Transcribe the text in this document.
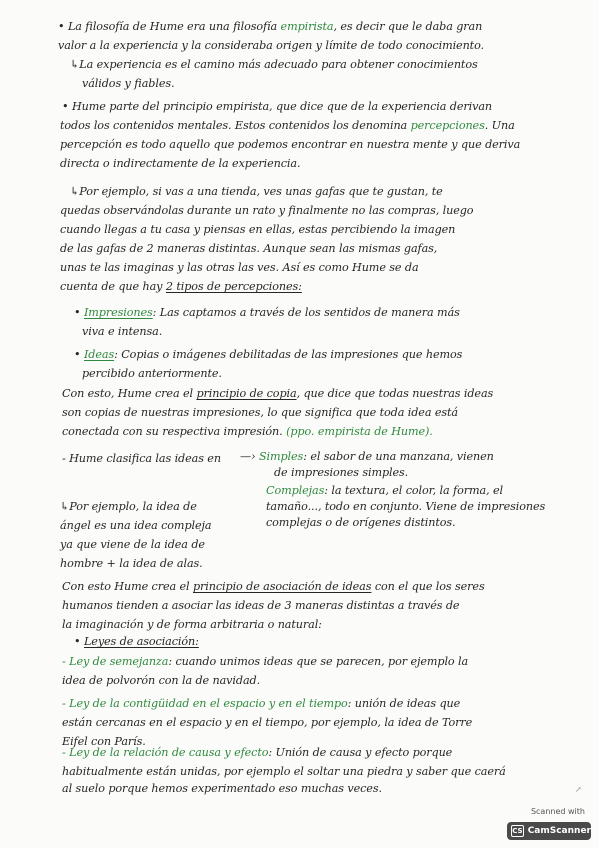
• La filosofía de Hume era una filosofía empirista, es decir que le daba gran
valor a la experiencia y la consideraba origen y límite de todo conocimiento.
↳La experiencia es el camino más adecuado para obtener conocimientos
válidos y fiables.
• Hume parte del principio empirista, que dice que de la experiencia derivan
todos los contenidos mentales. Estos contenidos los denomina percepciones. Una
percepción es todo aquello que podemos encontrar en nuestra mente y que deriva
directa o indirectamente de la experiencia.
↳Por ejemplo, si vas a una tienda, ves unas gafas que te gustan, te
quedas observándolas durante un rato y finalmente no las compras, luego
cuando llegas a tu casa y piensas en ellas, estas percibiendo la imagen
de las gafas de 2 maneras distintas. Aunque sean las mismas gafas,
unas te las imaginas y las otras las ves. Así es como Hume se da
cuenta de que hay 2 tipos de percepciones:
• Impresiones: Las captamos a través de los sentidos de manera más
viva e intensa.
• Ideas: Copias o imágenes debilitadas de las impresiones que hemos
percibido anteriormente.
Con esto, Hume crea el principio de copia, que dice que todas nuestras ideas
son copias de nuestras impresiones, lo que significa que toda idea está
conectada con su respectiva impresión. (ppo. empirista de Hume).
- Hume clasifica las ideas en —› Simples: el sabor de una manzana, vienen
de impresiones simples.
Complejas: la textura, el color, la forma, el
tamaño..., todo en conjunto. Viene de impresiones
complejas o de orígenes distintos.
↳Por ejemplo, la idea de
ángel es una idea compleja
ya que viene de la idea de
hombre + la idea de alas.
Con esto Hume crea el principio de asociación de ideas con el que los seres
humanos tienden a asociar las ideas de 3 maneras distintas a través de
la imaginación y de forma arbitraria o natural:
• Leyes de asociación:
- Ley de semejanza: cuando unimos ideas que se parecen, por ejemplo la
idea de polvorón con la de navidad.
- Ley de la contigüidad en el espacio y en el tiempo: unión de ideas que
están cercanas en el espacio y en el tiempo, por ejemplo, la idea de Torre
Eifel con París.
- Ley de la relación de causa y efecto: Unión de causa y efecto porque
habitualmente están unidas, por ejemplo el soltar una piedra y saber que caerá
al suelo porque hemos experimentado eso muchas veces.	↗
Scanned with
CS CamScanner
